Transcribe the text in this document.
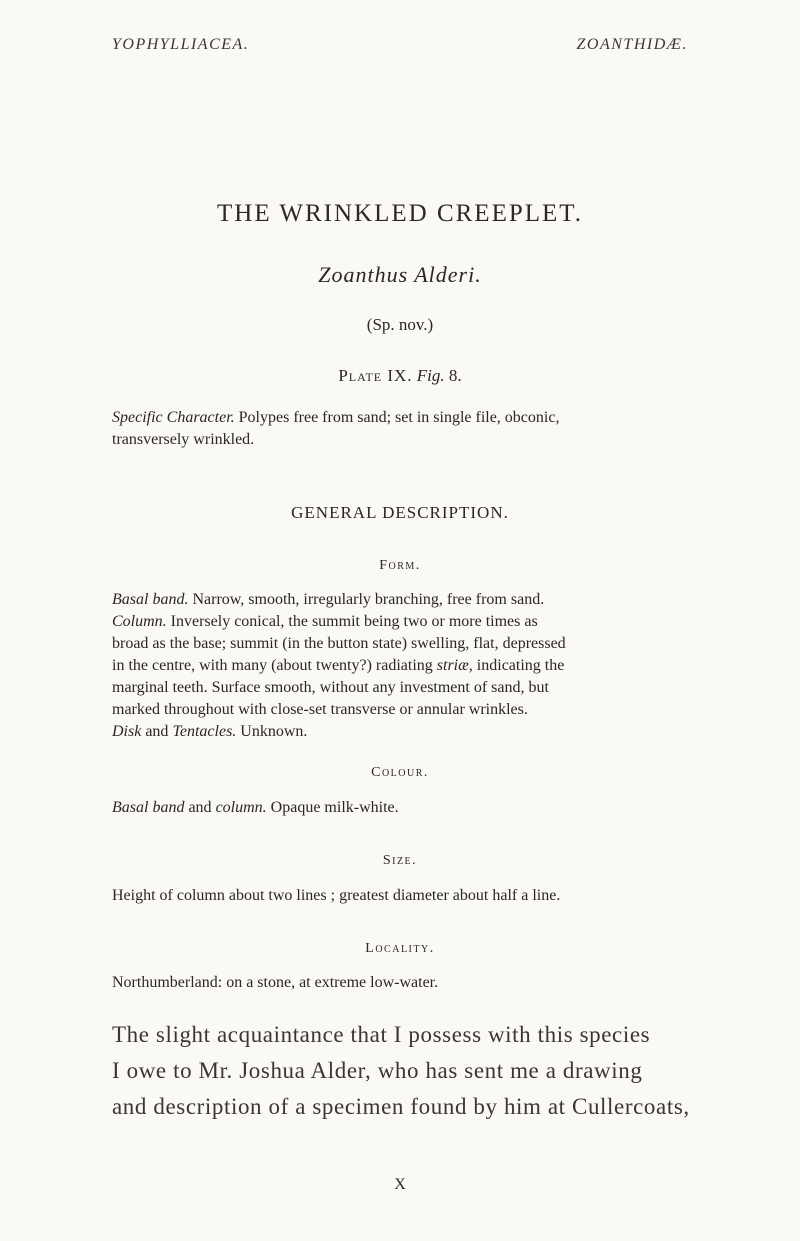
YOPHYLLIACEA.	ZOANTHIDÆ.
THE WRINKLED CREEPLET.
Zoanthus Alderi.
(Sp. nov.)
Plate IX. Fig. 8.
Specific Character. Polypes free from sand; set in single file, obconic,
transversely wrinkled.
GENERAL DESCRIPTION.
Form.
Basal band. Narrow, smooth, irregularly branching, free from sand.
Column. Inversely conical, the summit being two or more times as
broad as the base; summit (in the button state) swelling, flat, depressed
in the centre, with many (about twenty?) radiating striæ, indicating the
marginal teeth. Surface smooth, without any investment of sand, but
marked throughout with close-set transverse or annular wrinkles.
Disk and Tentacles. Unknown.
Colour.
Basal band and column. Opaque milk-white.
Size.
Height of column about two lines ; greatest diameter about half a line.
Locality.
Northumberland: on a stone, at extreme low-water.
The slight acquaintance that I possess with this species
I owe to Mr. Joshua Alder, who has sent me a drawing
and description of a specimen found by him at Cullercoats,
X
